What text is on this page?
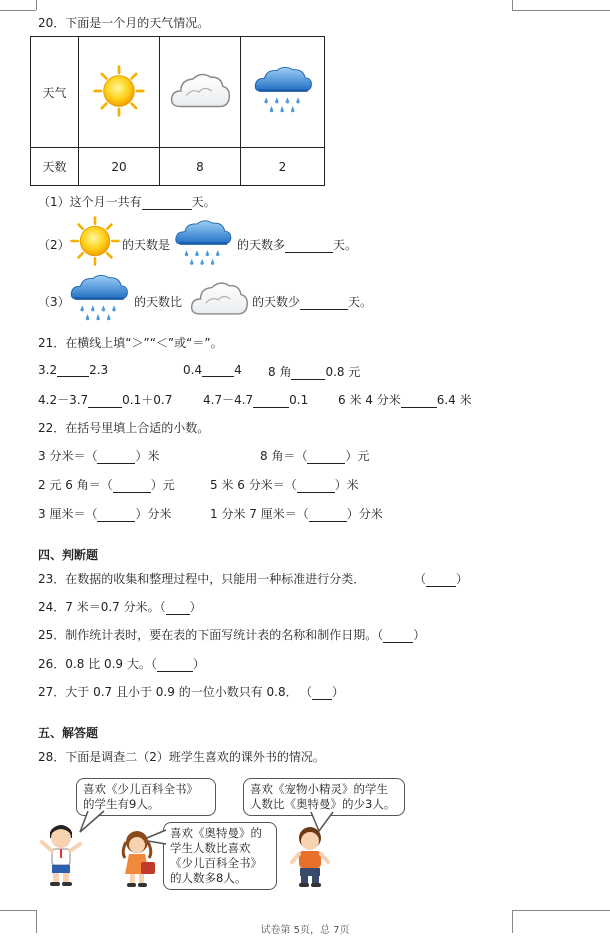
20．下面是一个月的天气情况。
天气			
天数	20	8	2
（1）这个月一共有	天。
（2）	的天数是	的天数多	天。
（3）	的天数比	的天数少	天。
21．在横线上填“＞”“＜”或“＝”。
3.2	2.3	0.4	4 8 角	0.8 元
4.2－3.7	0.1＋0.7	4.7－4.7	0.1 6 米 4 分米	6.4 米
22．在括号里填上合适的小数。
3 分米＝（	）米	8 角＝（	）元
2 元 6 角＝（	）元	5 米 6 分米＝（	）米
3 厘米＝（	）分米	1 分米 7 厘米＝（	）分米
四、判断题
23．在数据的收集和整理过程中，只能用一种标准进行分类．	（	）
24．7 米＝0.7 分米。（ ）
25．制作统计表时，要在表的下面写统计表的名称和制作日期。（	）
26．0.8 比 0.9 大。（	）
27．大于 0.7 且小于 0.9 的一位小数只有 0.8． （ ）
五、解答题
28．下面是调查二（2）班学生喜欢的课外书的情况。
喜欢《少儿百科全书》
的学生有9人。
喜欢《奥特曼》的
学生人数比喜欢
《少儿百科全书》
的人数多8人。
喜欢《宠物小精灵》的学生
人数比《奥特曼》的少3人。
试卷第 5页，总 7页
